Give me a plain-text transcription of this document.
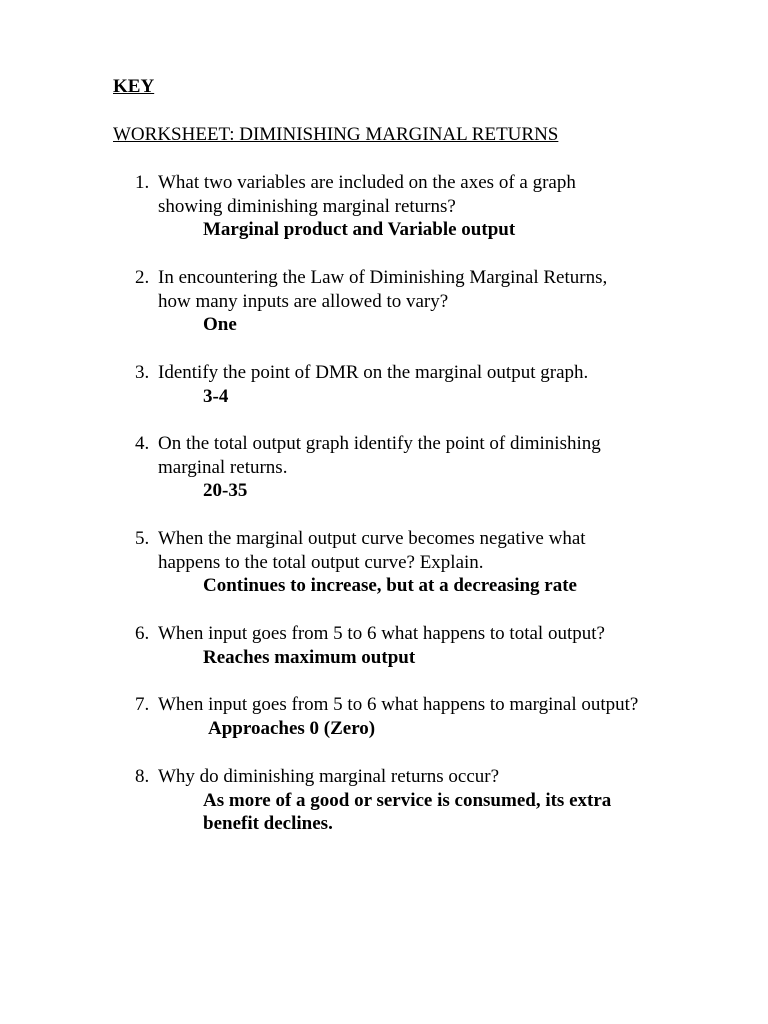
KEY
WORKSHEET: DIMINISHING MARGINAL RETURNS
1. What two variables are included on the axes of a graph
showing diminishing marginal returns?
Marginal product and Variable output
2. In encountering the Law of Diminishing Marginal Returns,
how many inputs are allowed to vary?
One
3. Identify the point of DMR on the marginal output graph.
3-4
4. On the total output graph identify the point of diminishing
marginal returns.
20-35
5. When the marginal output curve becomes negative what
happens to the total output curve? Explain.
Continues to increase, but at a decreasing rate
6. When input goes from 5 to 6 what happens to total output?
Reaches maximum output
7. When input goes from 5 to 6 what happens to marginal output?
Approaches 0 (Zero)
8. Why do diminishing marginal returns occur?
As more of a good or service is consumed, its extra
benefit declines.
